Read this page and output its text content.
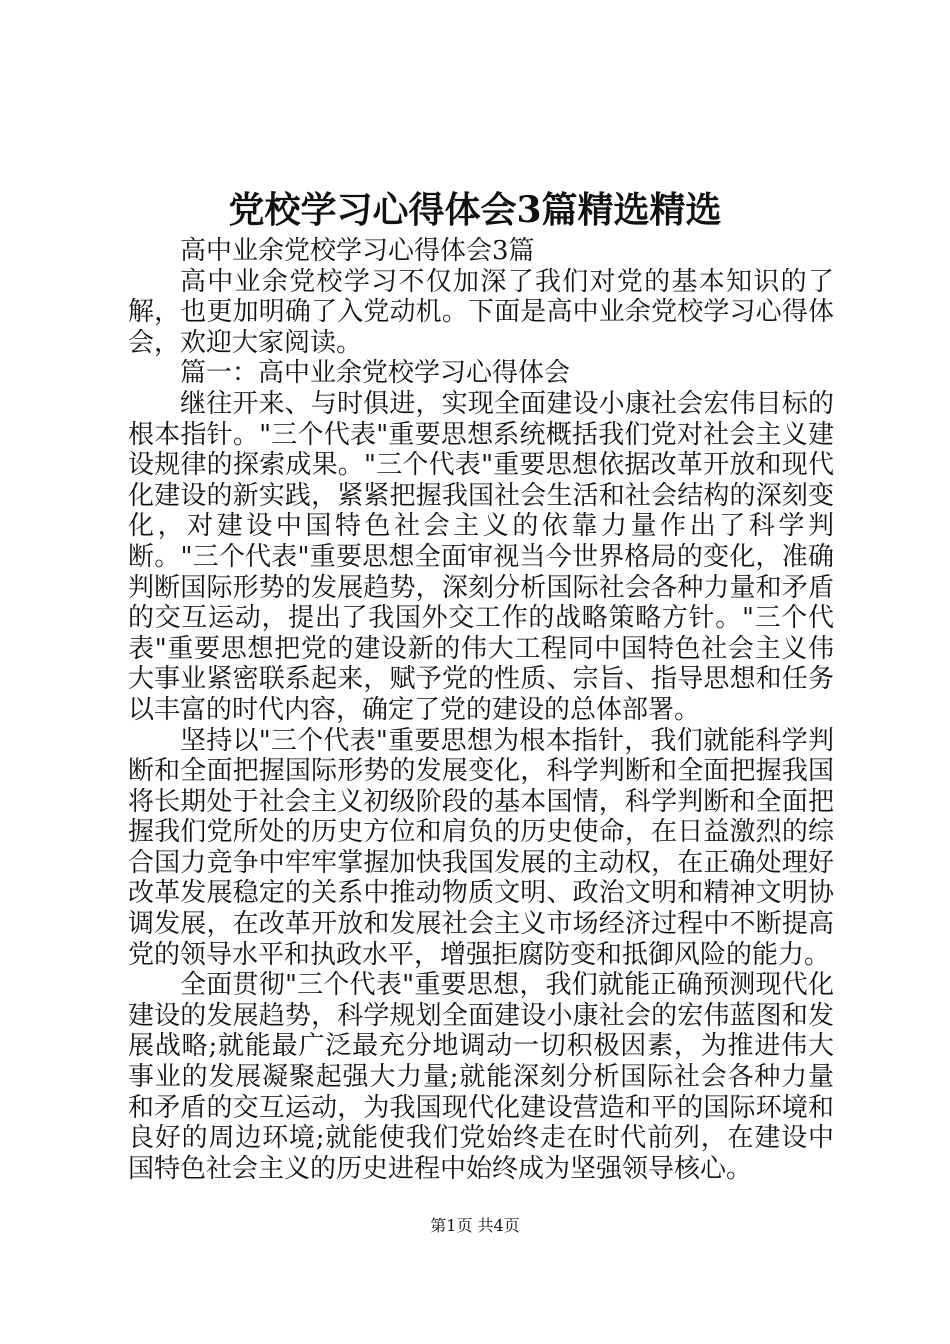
党校学习心得体会3篇精选精选

高中业余党校学习心得体会3篇

高中业余党校学习不仅加深了我们对党的基本知识的了解，也更加明确了入党动机。下面是高中业余党校学习心得体会，欢迎大家阅读。

篇一：高中业余党校学习心得体会

继往开来、与时俱进，实现全面建设小康社会宏伟目标的根本指针。"三个代表"重要思想系统概括我们党对社会主义建设规律的探索成果。"三个代表"重要思想依据改革开放和现代化建设的新实践，紧紧把握我国社会生活和社会结构的深刻变化，对建设中国特色社会主义的依靠力量作出了科学判断。"三个代表"重要思想全面审视当今世界格局的变化，准确判断国际形势的发展趋势，深刻分析国际社会各种力量和矛盾的交互运动，提出了我国外交工作的战略策略方针。"三个代表"重要思想把党的建设新的伟大工程同中国特色社会主义伟大事业紧密联系起来，赋予党的性质、宗旨、指导思想和任务以丰富的时代内容，确定了党的建设的总体部署。

坚持以"三个代表"重要思想为根本指针，我们就能科学判断和全面把握国际形势的发展变化，科学判断和全面把握我国将长期处于社会主义初级阶段的基本国情，科学判断和全面把握我们党所处的历史方位和肩负的历史使命，在日益激烈的综合国力竞争中牢牢掌握加快我国发展的主动权，在正确处理好改革发展稳定的关系中推动物质文明、政治文明和精神文明协调发展，在改革开放和发展社会主义市场经济过程中不断提高党的领导水平和执政水平，增强拒腐防变和抵御风险的能力。

全面贯彻"三个代表"重要思想，我们就能正确预测现代化建设的发展趋势，科学规划全面建设小康社会的宏伟蓝图和发展战略;就能最广泛最充分地调动一切积极因素，为推进伟大事业的发展凝聚起强大力量;就能深刻分析国际社会各种力量和矛盾的交互运动，为我国现代化建设营造和平的国际环境和良好的周边环境;就能使我们党始终走在时代前列，在建设中国特色社会主义的历史进程中始终成为坚强领导核心。

第1页 共4页
